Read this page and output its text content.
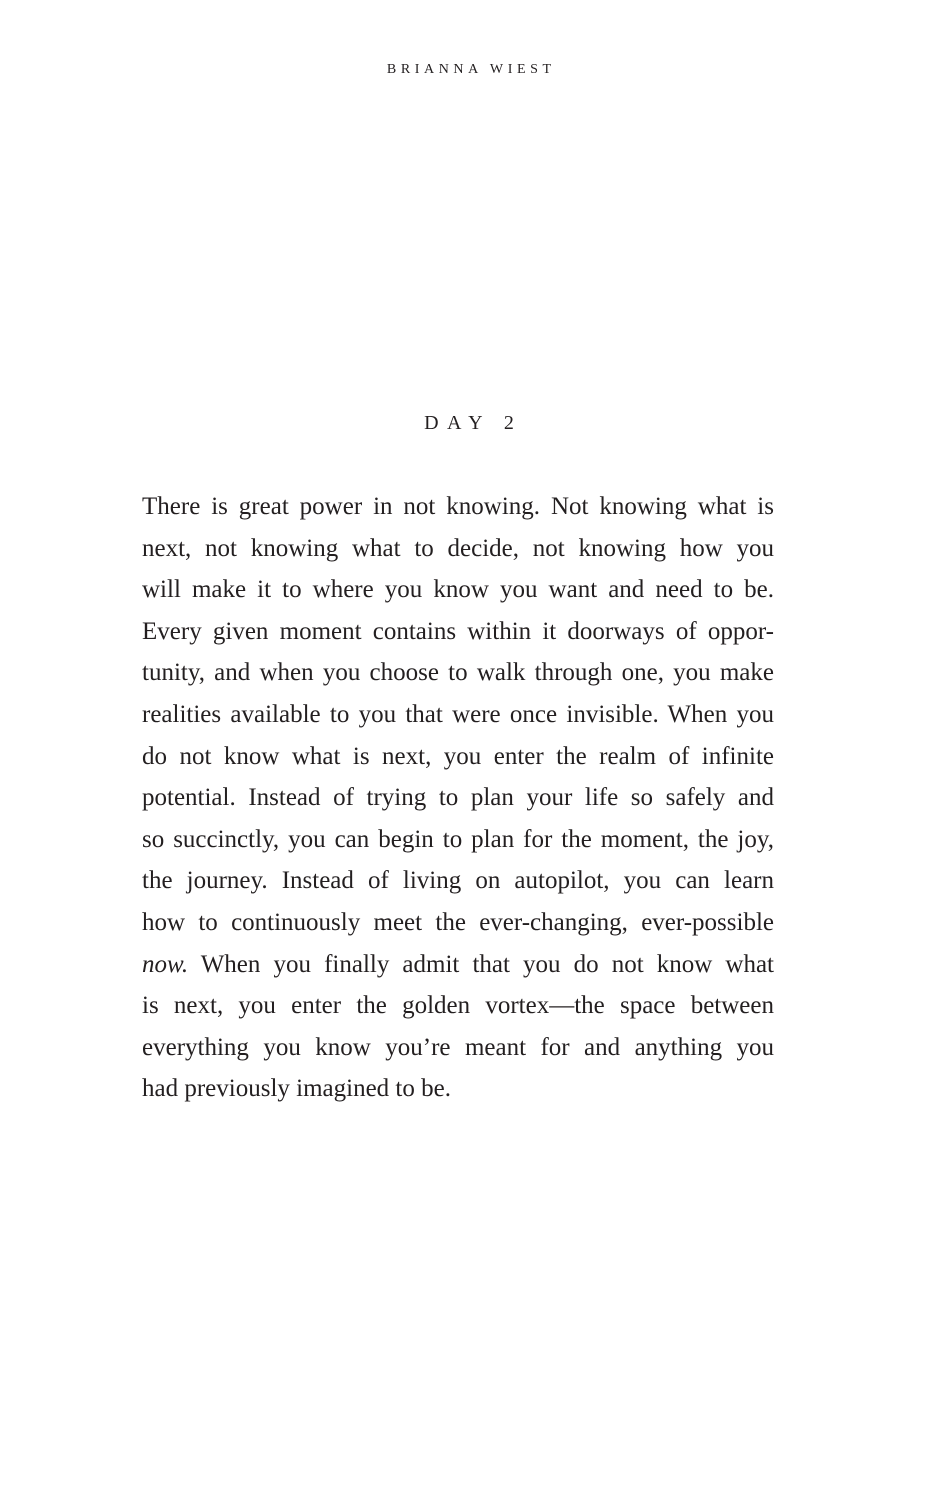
BRIANNA WIEST
DAY 2
There is great power in not knowing. Not knowing what is
next, not knowing what to decide, not knowing how you
will make it to where you know you want and need to be.
Every given moment contains within it doorways of oppor-
tunity, and when you choose to walk through one, you make
realities available to you that were once invisible. When you
do not know what is next, you enter the realm of infinite
potential. Instead of trying to plan your life so safely and
so succinctly, you can begin to plan for the moment, the joy,
the journey. Instead of living on autopilot, you can learn
how to continuously meet the ever-changing, ever-possible
now. When you finally admit that you do not know what
is next, you enter the golden vortex—the space between
everything you know you’re meant for and anything you
had previously imagined to be.
